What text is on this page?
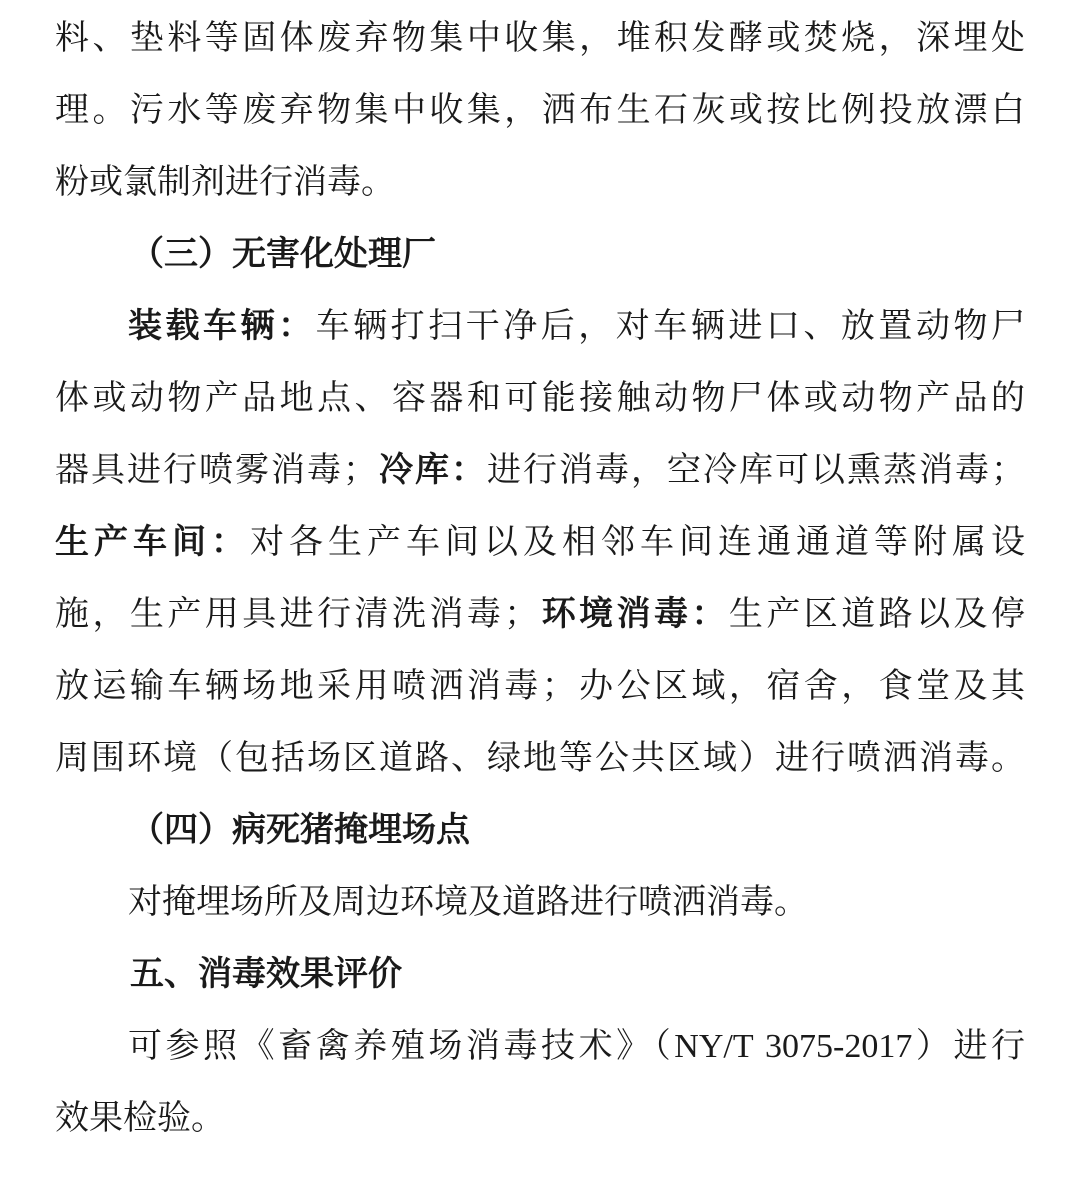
料、垫料等固体废弃物集中收集，堆积发酵或焚烧，深埋处
理。污水等废弃物集中收集，洒布生石灰或按比例投放漂白
粉或氯制剂进行消毒。
（三）无害化处理厂
装载车辆：车辆打扫干净后，对车辆进口、放置动物尸
体或动物产品地点、容器和可能接触动物尸体或动物产品的
器具进行喷雾消毒；冷库：进行消毒，空冷库可以熏蒸消毒；
生产车间：对各生产车间以及相邻车间连通通道等附属设
施，生产用具进行清洗消毒；环境消毒：生产区道路以及停
放运输车辆场地采用喷洒消毒；办公区域，宿舍，食堂及其
周围环境（包括场区道路、绿地等公共区域）进行喷洒消毒。
（四）病死猪掩埋场点
对掩埋场所及周边环境及道路进行喷洒消毒。
五、消毒效果评价
可参照《畜禽养殖场消毒技术》（NY/T 3075-2017）进行
效果检验。
